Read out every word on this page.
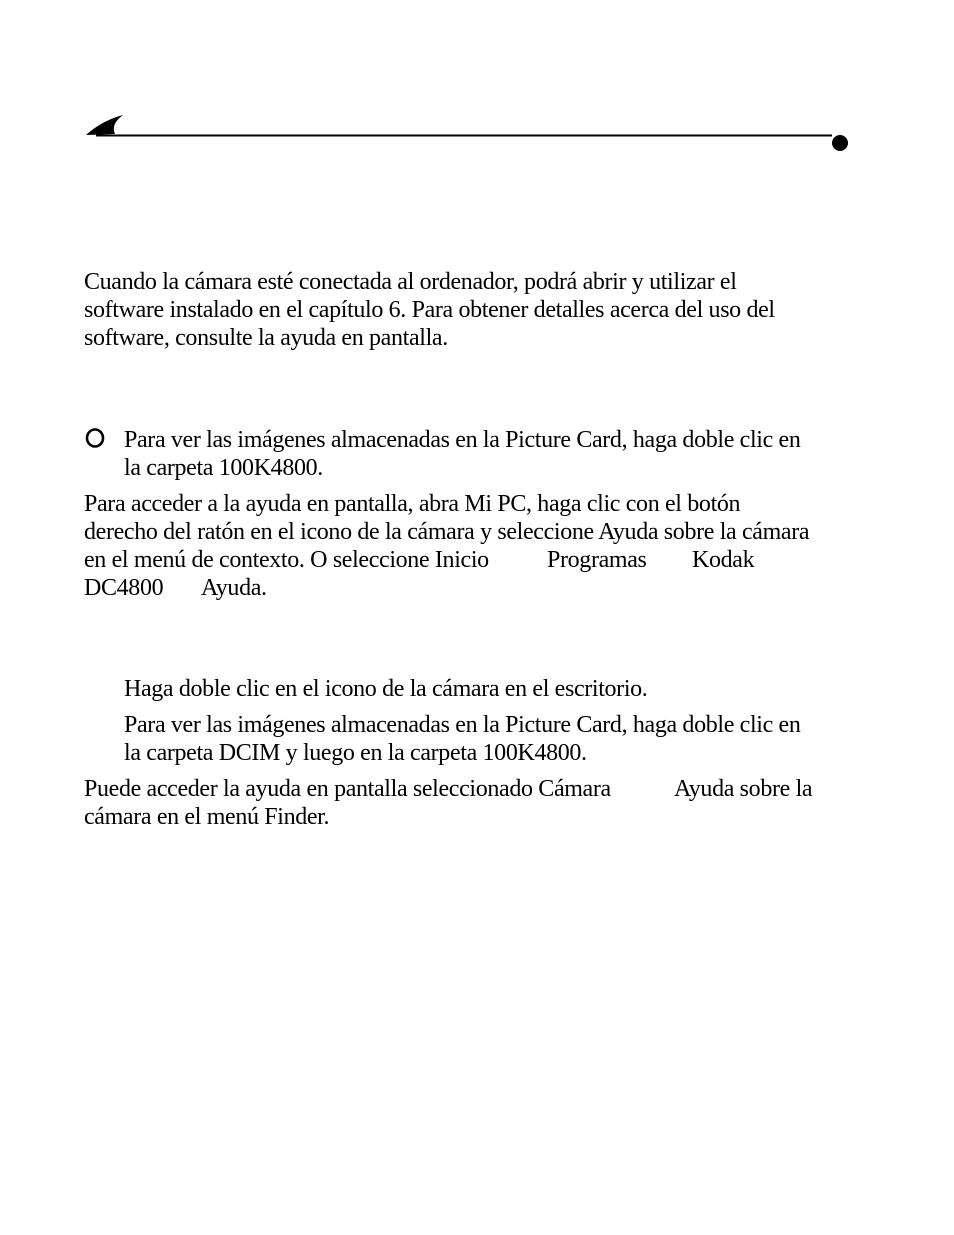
Cuando la cámara esté conectada al ordenador, podrá abrir y utilizar el
software instalado en el capítulo 6. Para obtener detalles acerca del uso del
software, consulte la ayuda en pantalla.
Para ver las imágenes almacenadas en la Picture Card, haga doble clic en
la carpeta 100K4800.
Para acceder a la ayuda en pantalla, abra Mi PC, haga clic con el botón
derecho del ratón en el icono de la cámara y seleccione Ayuda sobre la cámara
en el menú de contexto. O seleccione Inicio Programas Kodak
DC4800 Ayuda.
Haga doble clic en el icono de la cámara en el escritorio.
Para ver las imágenes almacenadas en la Picture Card, haga doble clic en
la carpeta DCIM y luego en la carpeta 100K4800.
Puede acceder la ayuda en pantalla seleccionado Cámara	Ayuda sobre la
cámara en el menú Finder.
